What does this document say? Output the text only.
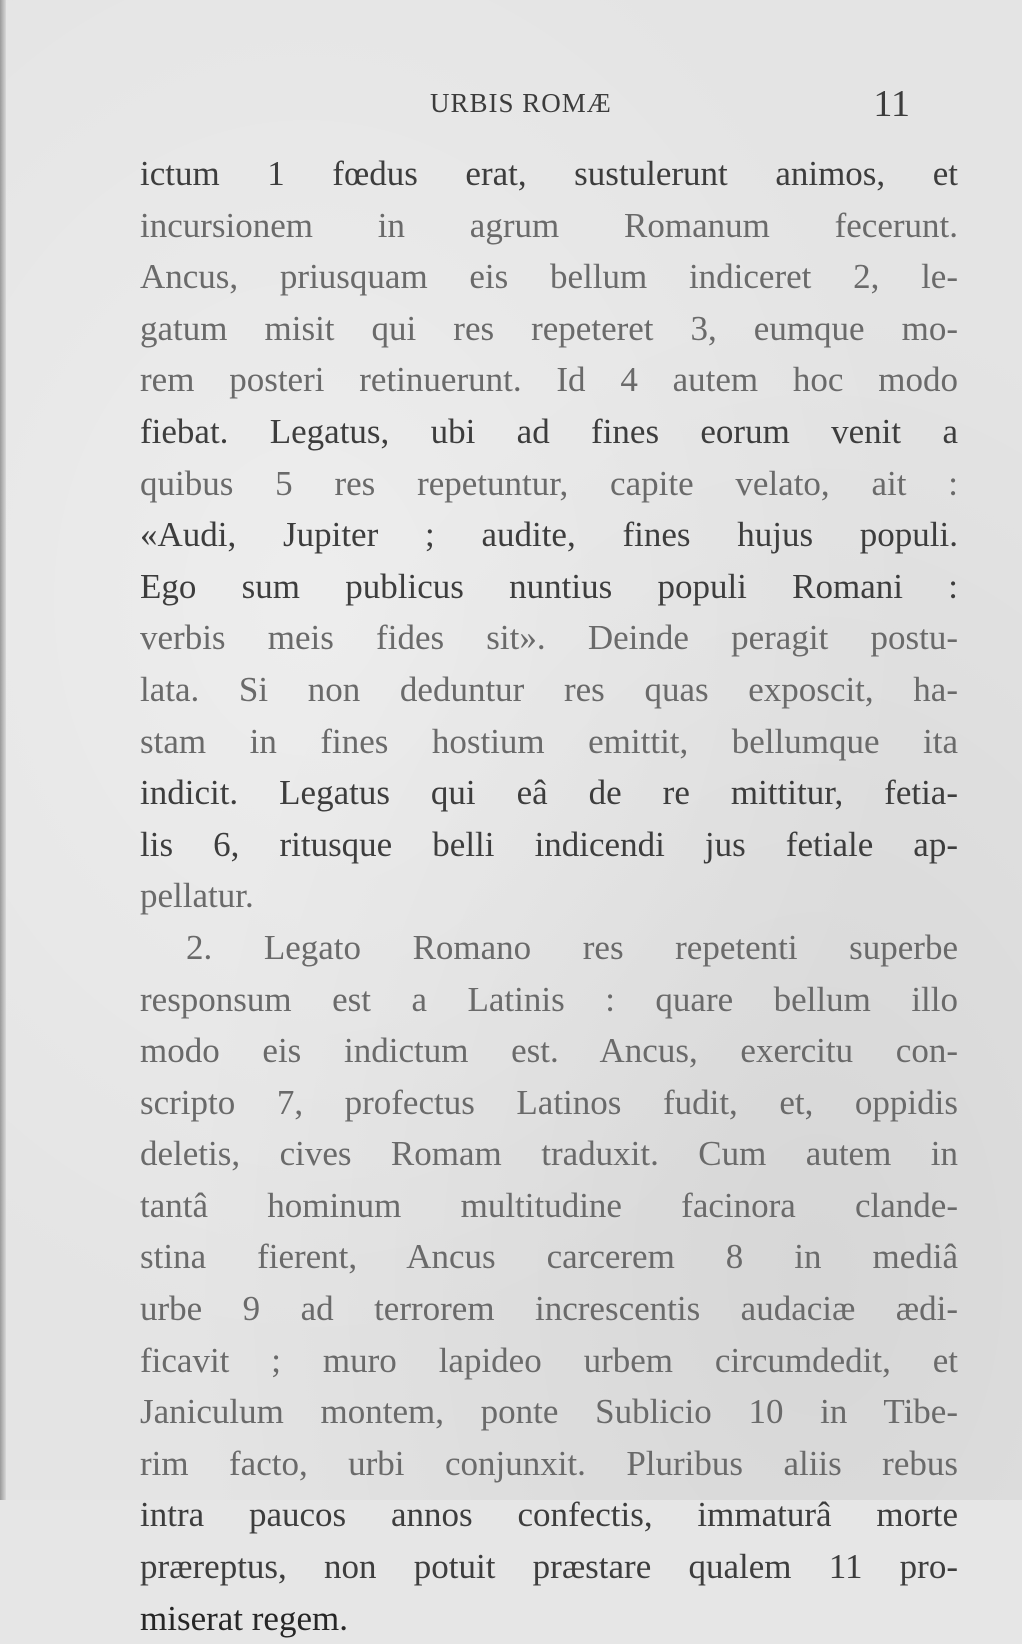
URBIS ROMÆ	11
ictum 1 fœdus erat, sustulerunt animos, et
incursionem in agrum Romanum fecerunt.
Ancus, priusquam eis bellum indiceret 2, le-
gatum misit qui res repeteret 3, eumque mo-
rem posteri retinuerunt. Id 4 autem hoc modo
fiebat. Legatus, ubi ad fines eorum venit a
quibus 5 res repetuntur, capite velato, ait :
«Audi, Jupiter ; audite, fines hujus populi.
Ego sum publicus nuntius populi Romani :
verbis meis fides sit». Deinde peragit postu-
lata. Si non deduntur res quas exposcit, ha-
stam in fines hostium emittit, bellumque ita
indicit. Legatus qui eâ de re mittitur, fetia-
lis 6, ritusque belli indicendi jus fetiale ap-
pellatur.
2. Legato Romano res repetenti superbe
responsum est a Latinis : quare bellum illo
modo eis indictum est. Ancus, exercitu con-
scripto 7, profectus Latinos fudit, et, oppidis
deletis, cives Romam traduxit. Cum autem in
tantâ hominum multitudine facinora clande-
stina fierent, Ancus carcerem 8 in mediâ
urbe 9 ad terrorem increscentis audaciæ ædi-
ficavit ; muro lapideo urbem circumdedit, et
Janiculum montem, ponte Sublicio 10 in Tibe-
rim facto, urbi conjunxit. Pluribus aliis rebus
intra paucos annos confectis, immaturâ morte
præreptus, non potuit præstare qualem 11 pro-
miserat regem.
